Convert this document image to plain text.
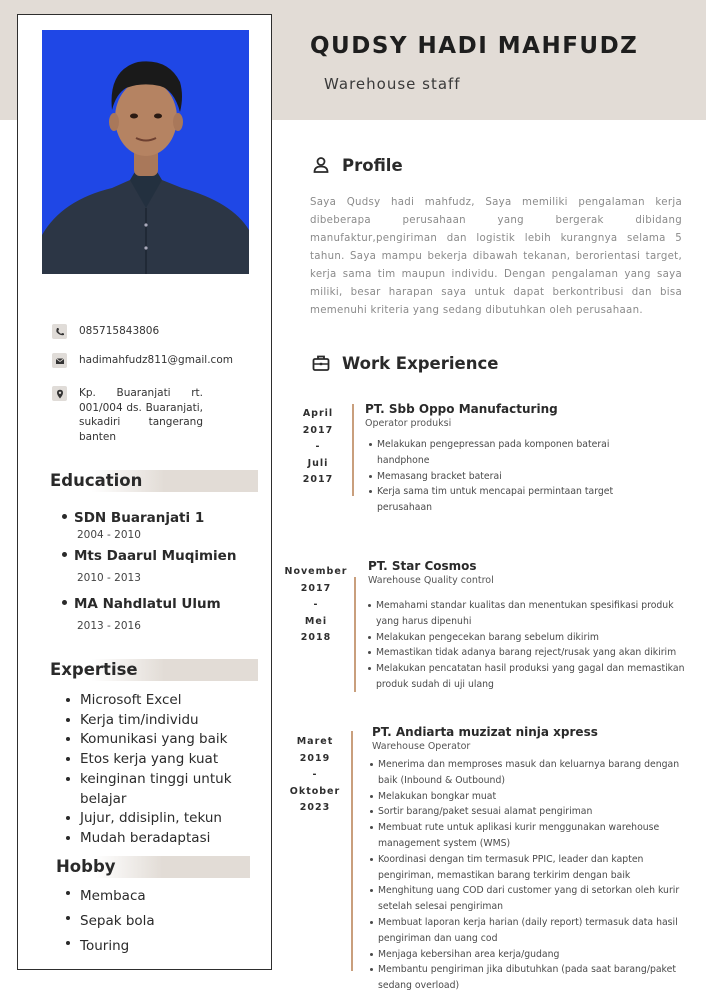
QUDSY HADI MAHFUDZ
Warehouse staff
085715843806
hadimahfudz811@gmail.com
Kp. Buaranjati rt.
001/004 ds. Buaranjati,
sukadiri tangerang
banten
Education
SDN Buaranjati 1
2004 - 2010
Mts Daarul Muqimien
2010 - 2013
MA Nahdlatul Ulum
2013 - 2016
Expertise
Microsoft Excel
Kerja tim/individu
Komunikasi yang baik
Etos kerja yang kuat
keinginan tinggi untuk belajar
Jujur, ddisiplin, tekun
Mudah beradaptasi
Hobby
Membaca
Sepak bola
Touring
Profile
Saya Qudsy hadi mahfudz, Saya memiliki pengalaman kerja dibeberapa perusahaan yang bergerak dibidang manufaktur,pengiriman dan logistik lebih kurangnya selama 5 tahun. Saya mampu bekerja dibawah tekanan, berorientasi target, kerja sama tim maupun individu. Dengan pengalaman yang saya miliki, besar harapan saya untuk dapat berkontribusi dan bisa memenuhi kriteria yang sedang dibutuhkan oleh perusahaan.
Work Experience
April
2017
-
Juli
2017
PT. Sbb Oppo Manufacturing
Operator produksi
Melakukan pengepressan pada komponen baterai handphone
Memasang bracket baterai
Kerja sama tim untuk mencapai permintaan target perusahaan
November
2017
-
Mei
2018
PT. Star Cosmos
Warehouse Quality control
Memahami standar kualitas dan menentukan spesifikasi produk yang harus dipenuhi
Melakukan pengecekan barang sebelum dikirim
Memastikan tidak adanya barang reject/rusak yang akan dikirim
Melakukan pencatatan hasil produksi yang gagal dan memastikan produk sudah di uji ulang
Maret
2019
-
Oktober
2023
PT. Andiarta muzizat ninja xpress
Warehouse Operator
Menerima dan memproses masuk dan keluarnya barang dengan baik (Inbound & Outbound)
Melakukan bongkar muat
Sortir barang/paket sesuai alamat pengiriman
Membuat rute untuk aplikasi kurir menggunakan warehouse management system (WMS)
Koordinasi dengan tim termasuk PPIC, leader dan kapten pengiriman, memastikan barang terkirim dengan baik
Menghitung uang COD dari customer yang di setorkan oleh kurir setelah selesai pengiriman
Membuat laporan kerja harian (daily report) termasuk data hasil pengiriman dan uang cod
Menjaga kebersihan area kerja/gudang
Membantu pengiriman jika dibutuhkan (pada saat barang/paket sedang overload)
